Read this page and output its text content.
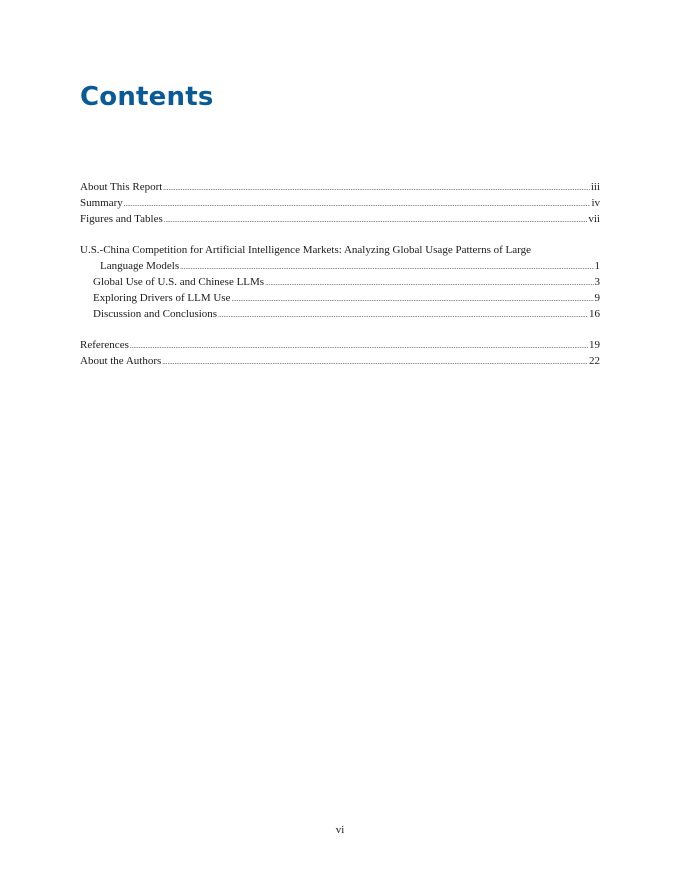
Contents
About This Report .....	iii
Summary .....	iv
Figures and Tables .....	vii
U.S.-China Competition for Artificial Intelligence Markets: Analyzing Global Usage Patterns of Large
Language Models .....	1
Global Use of U.S. and Chinese LLMs .....	3
Exploring Drivers of LLM Use .....	9
Discussion and Conclusions .....	16
References .....	19
About the Authors .....	22
vi
